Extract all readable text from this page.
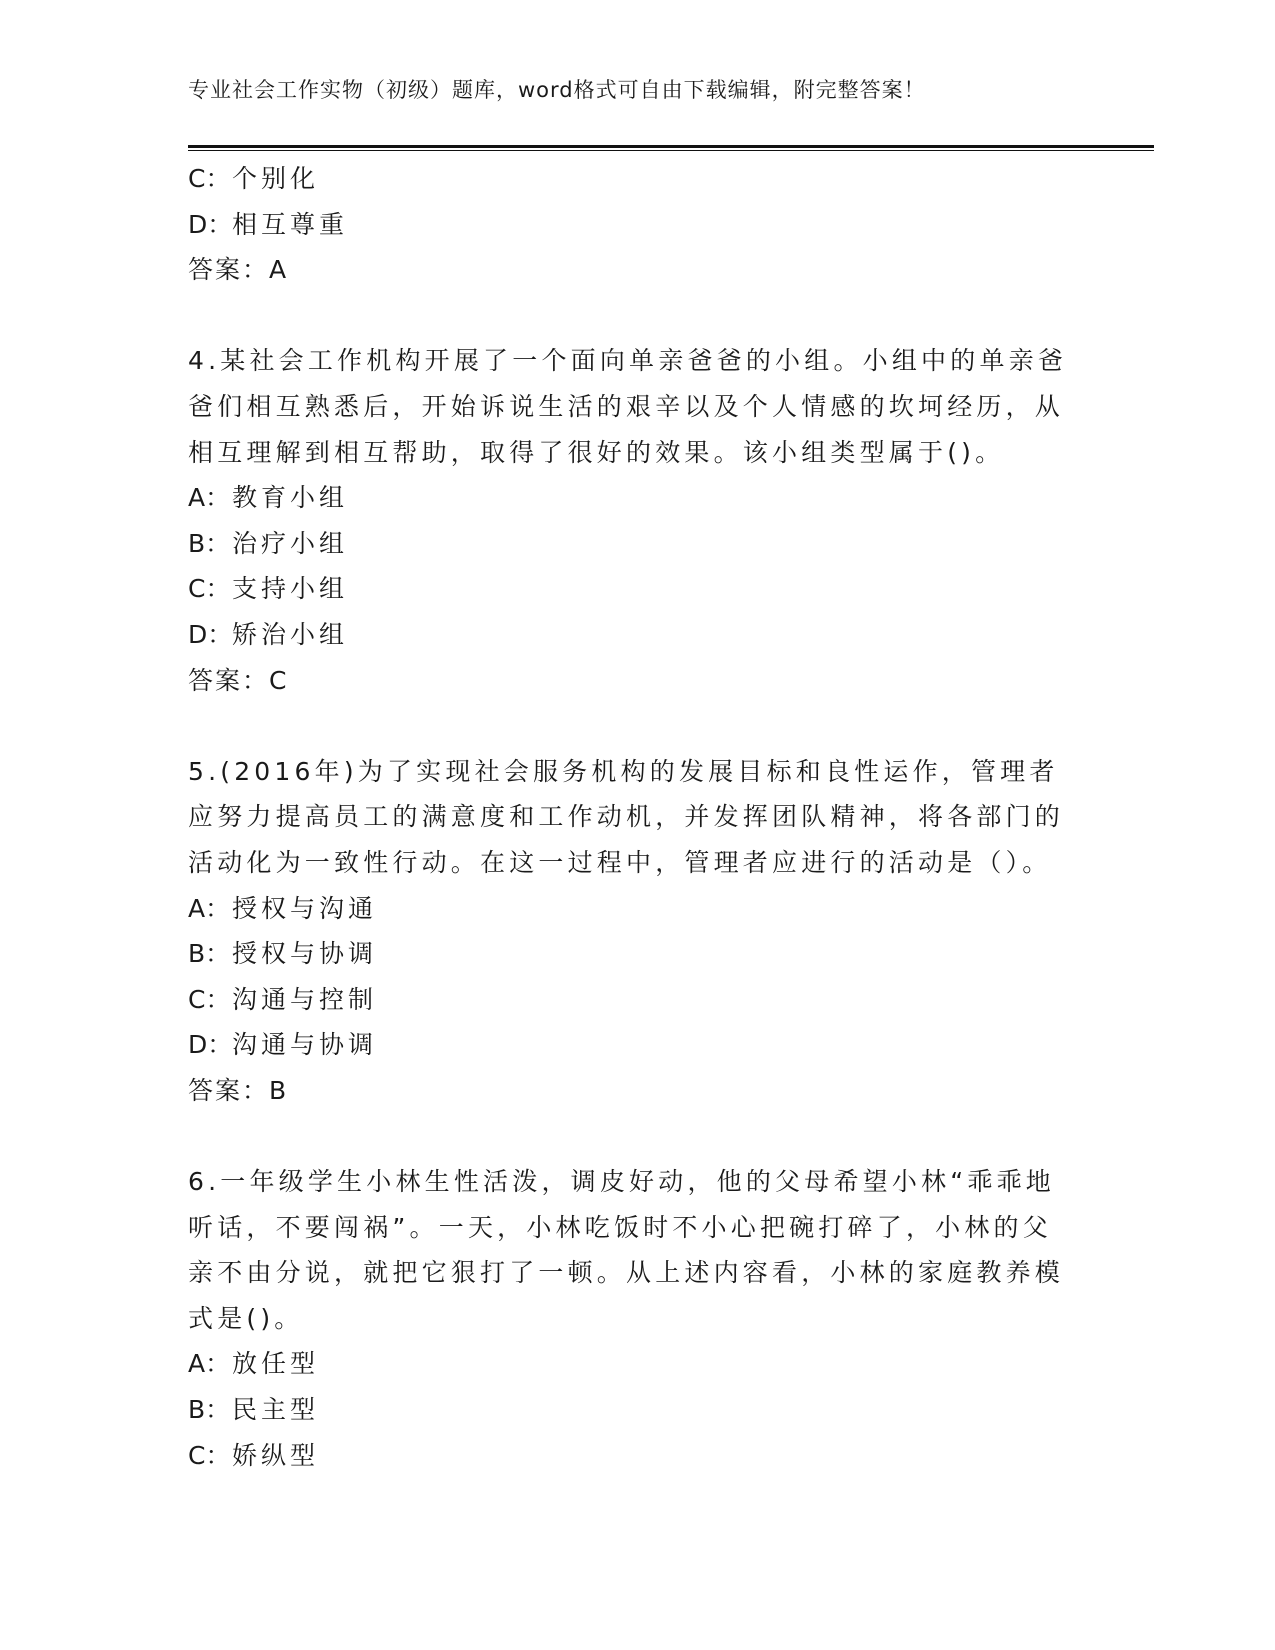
专业社会工作实物（初级）题库，word格式可自由下载编辑，附完整答案！
C：个别化
D：相互尊重
答案：A
4.某社会工作机构开展了一个面向单亲爸爸的小组。小组中的单亲爸爸们相互熟悉后，开始诉说生活的艰辛以及个人情感的坎坷经历，从相互理解到相互帮助，取得了很好的效果。该小组类型属于()。
A：教育小组
B：治疗小组
C：支持小组
D：矫治小组
答案：C
5.(2016年)为了实现社会服务机构的发展目标和良性运作，管理者应努力提高员工的满意度和工作动机，并发挥团队精神，将各部门的活动化为一致性行动。在这一过程中，管理者应进行的活动是（）。
A：授权与沟通
B：授权与协调
C：沟通与控制
D：沟通与协调
答案：B
6.一年级学生小林生性活泼，调皮好动，他的父母希望小林“乖乖地听话，不要闯祸”。一天，小林吃饭时不小心把碗打碎了，小林的父亲不由分说，就把它狠打了一顿。从上述内容看，小林的家庭教养模式是()。
A：放任型
B：民主型
C：娇纵型
